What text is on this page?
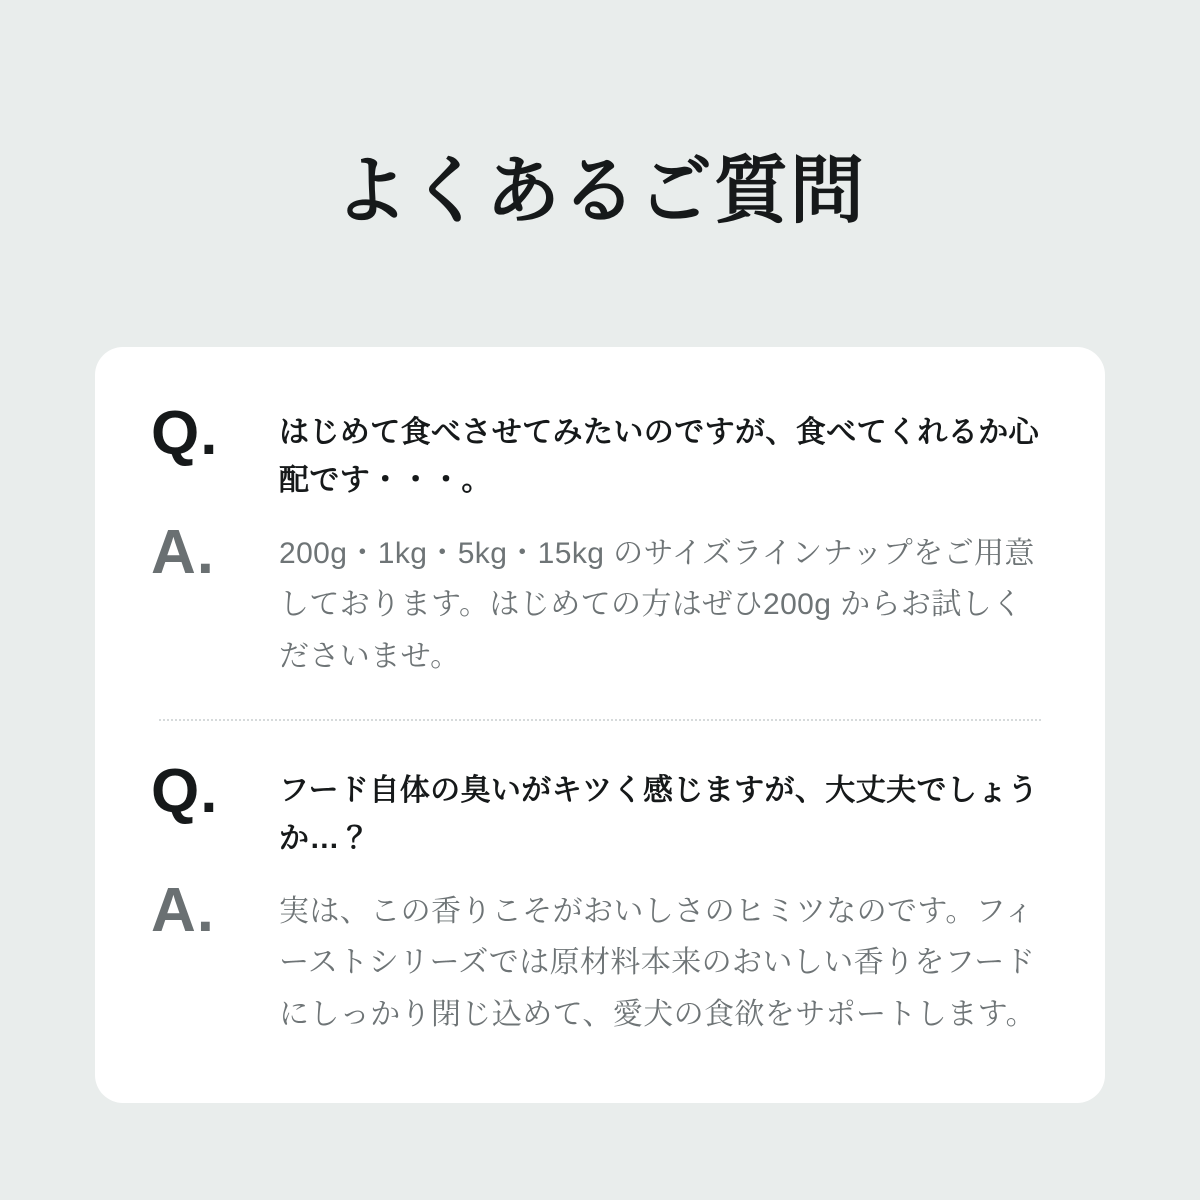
よくあるご質問
Q.	はじめて食べさせてみたいのですが、食べてくれるか心配です・・・。
A.	200g・1kg・5kg・15kg のサイズラインナップをご用意しております。はじめての方はぜひ200g からお試しくださいませ。
Q.	フード自体の臭いがキツく感じますが、大丈夫でしょうか…？
A.	実は、この香りこそがおいしさのヒミツなのです。フィーストシリーズでは原材料本来のおいしい香りをフードにしっかり閉じ込めて、愛犬の食欲をサポートします。
